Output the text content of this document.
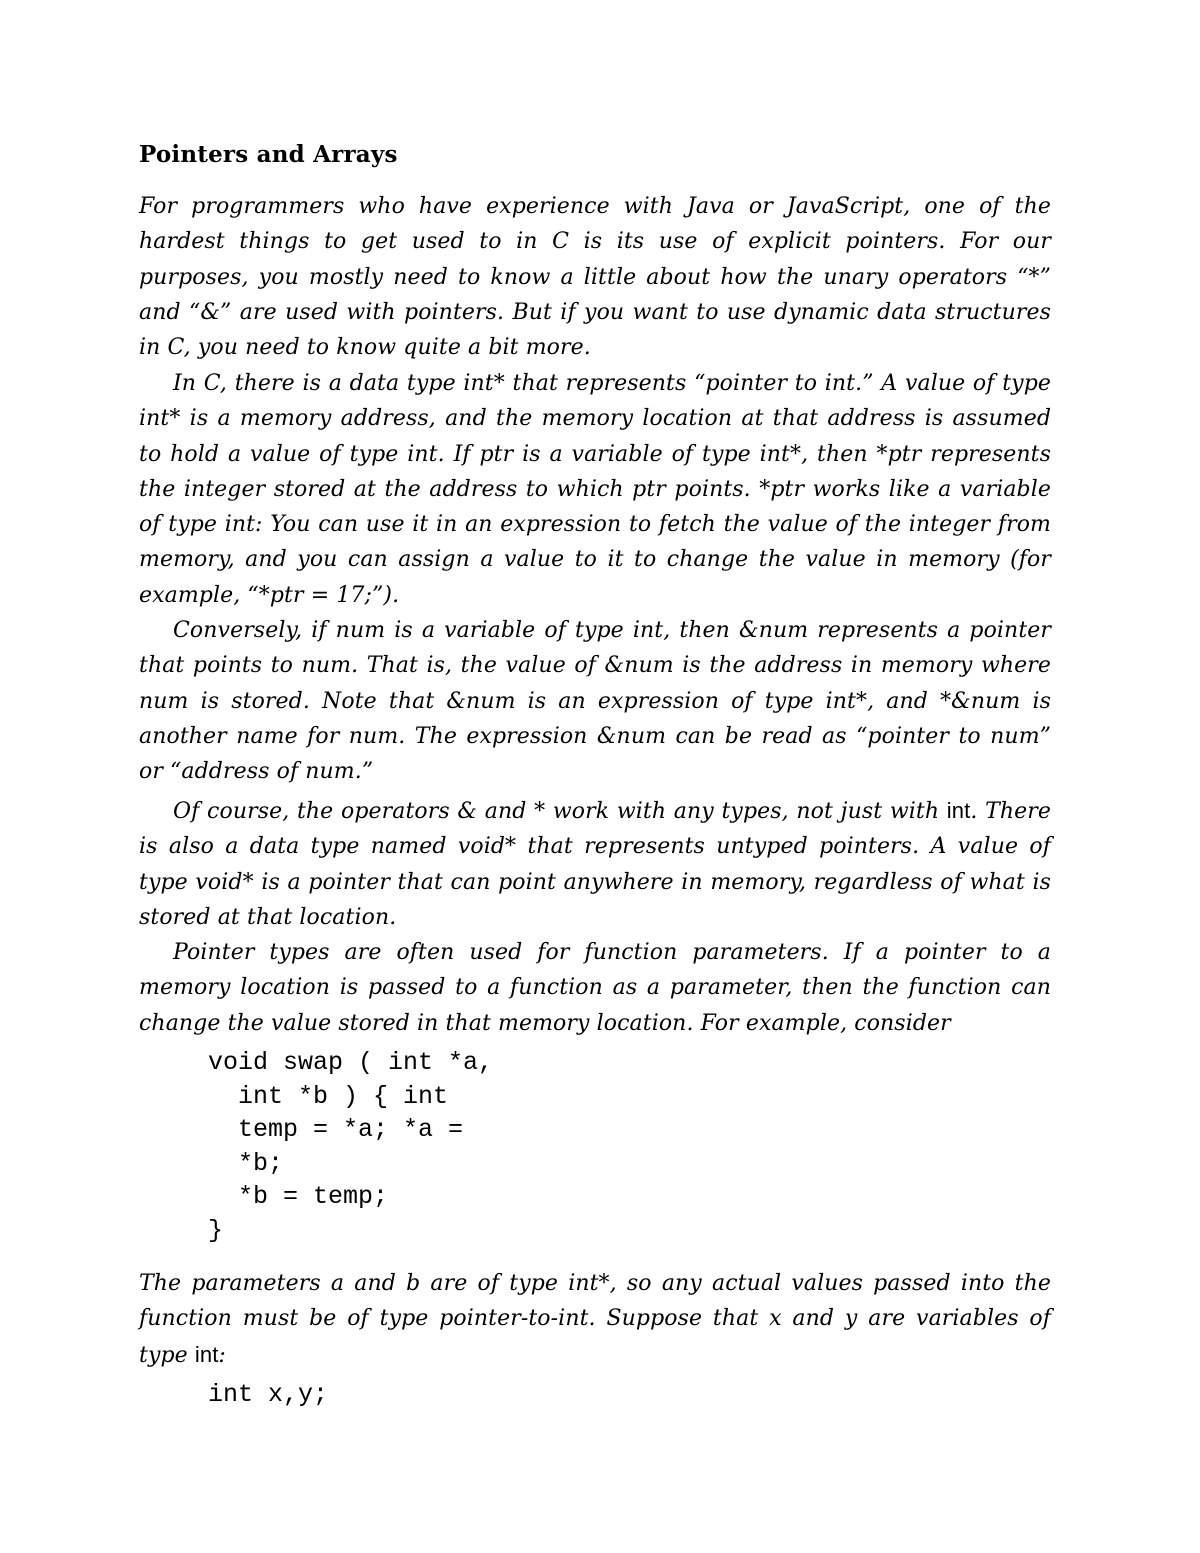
Pointers and Arrays

For programmers who have experience with Java or JavaScript, one of the hardest things to get used to in C is its use of explicit pointers. For our purposes, you mostly need to know a little about how the unary operators “*” and “&” are used with pointers. But if you want to use dynamic data structures in C, you need to know quite a bit more.

In C, there is a data type int* that represents “pointer to int.” A value of type int* is a memory address, and the memory location at that address is assumed to hold a value of type int. If ptr is a variable of type int*, then *ptr represents the integer stored at the address to which ptr points. *ptr works like a variable of type int: You can use it in an expression to fetch the value of the integer from memory, and you can assign a value to it to change the value in memory (for example, “*ptr = 17;”).

Conversely, if num is a variable of type int, then &num represents a pointer that points to num. That is, the value of &num is the address in memory where num is stored. Note that &num is an expression of type int*, and *&num is another name for num. The expression &num can be read as “pointer to num” or “address of num.”

Of course, the operators & and * work with any types, not just with int. There is also a data type named void* that represents untyped pointers. A value of type void* is a pointer that can point anywhere in memory, regardless of what is stored at that location.

Pointer types are often used for function parameters. If a pointer to a memory location is passed to a function as a parameter, then the function can change the value stored in that memory location. For example, consider

void swap ( int *a,
int *b ) { int
temp = *a; *a =
*b;
*b = temp;
}

The parameters a and b are of type int*, so any actual values passed into the function must be of type pointer-to-int. Suppose that x and y are variables of type int:

int x,y;
